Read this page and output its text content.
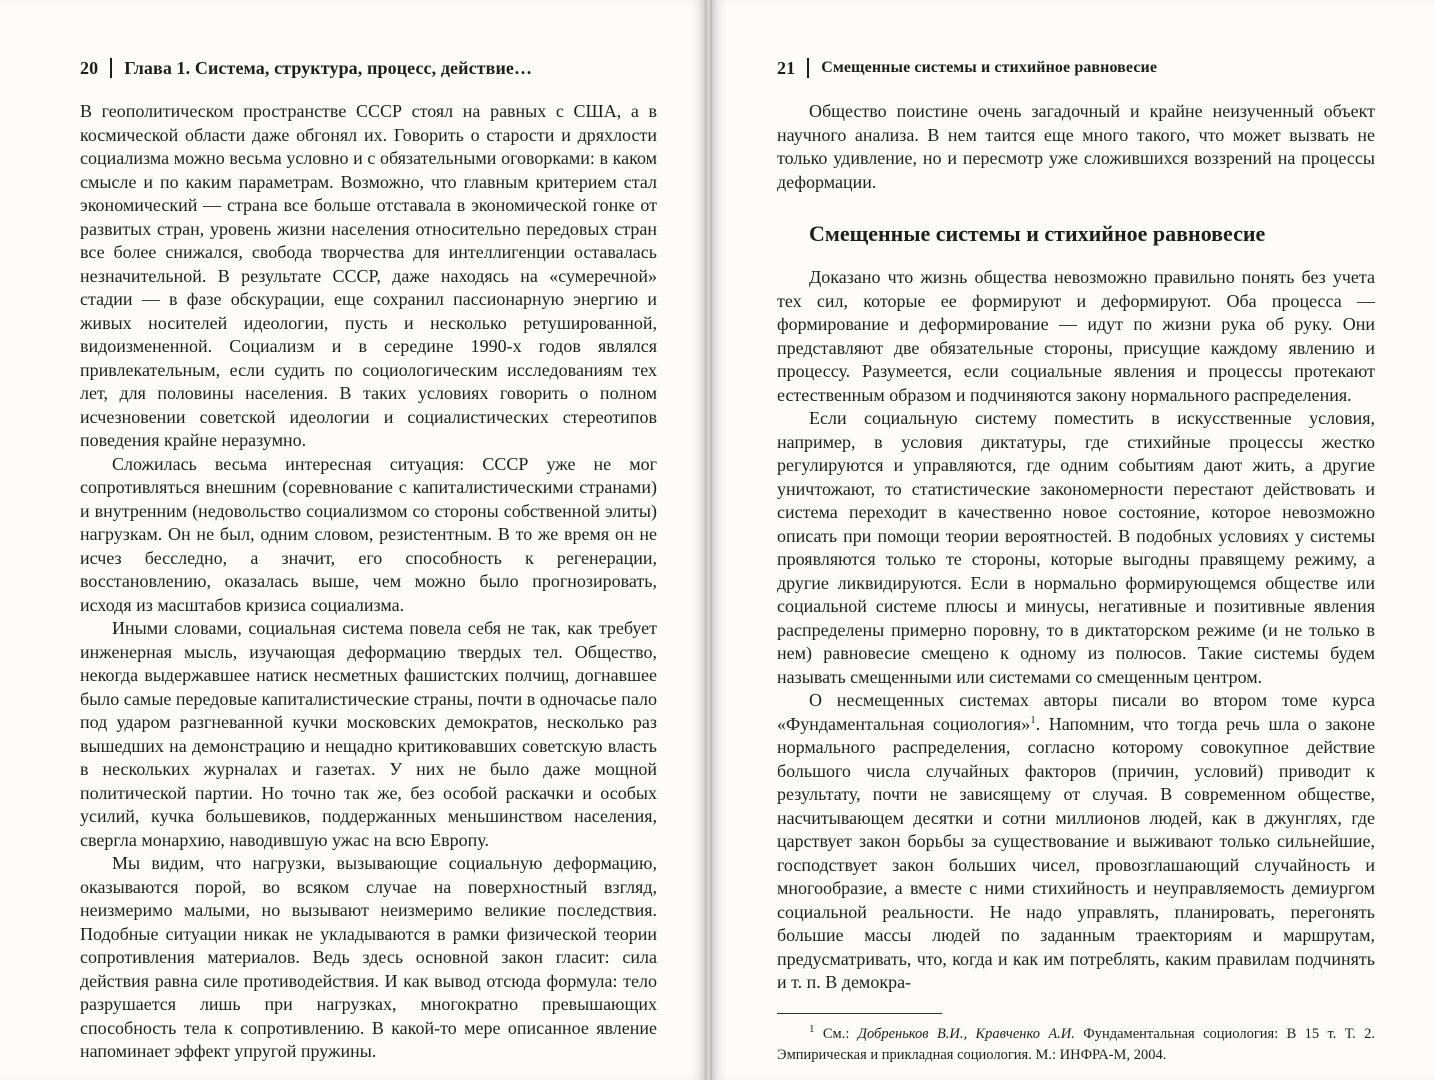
20 Глава 1. Система, структура, процесс, действие…

В геополитическом пространстве СССР стоял на равных с США, а в космической области даже обгонял их. Говорить о старости и дряхлости социализма можно весьма условно и с обязательными оговорками: в каком смысле и по каким параметрам. Возможно, что главным критерием стал экономический — страна все больше отставала в экономической гонке от развитых стран, уровень жизни населения относительно передовых стран все более снижался, свобода творчества для интеллигенции оставалась незначительной. В результате СССР, даже находясь на «сумеречной» стадии — в фазе обскурации, еще сохранил пассионарную энергию и живых носителей идеологии, пусть и несколько ретушированной, видоизмененной. Социализм и в середине 1990-х годов являлся привлекательным, если судить по социологическим исследованиям тех лет, для половины населения. В таких условиях говорить о полном исчезновении советской идеологии и социалистических стереотипов поведения крайне неразумно.

Сложилась весьма интересная ситуация: СССР уже не мог сопротивляться внешним (соревнование с капиталистическими странами) и внутренним (недовольство социализмом со стороны собственной элиты) нагрузкам. Он не был, одним словом, резистентным. В то же время он не исчез бесследно, а значит, его способность к регенерации, восстановлению, оказалась выше, чем можно было прогнозировать, исходя из масштабов кризиса социализма.

Иными словами, социальная система повела себя не так, как требует инженерная мысль, изучающая деформацию твердых тел. Общество, некогда выдержавшее натиск несметных фашистских полчищ, догнавшее было самые передовые капиталистические страны, почти в одночасье пало под ударом разгневанной кучки московских демократов, несколько раз вышедших на демонстрацию и нещадно критиковавших советскую власть в нескольких журналах и газетах. У них не было даже мощной политической партии. Но точно так же, без особой раскачки и особых усилий, кучка большевиков, поддержанных меньшинством населения, свергла монархию, наводившую ужас на всю Европу.

Мы видим, что нагрузки, вызывающие социальную деформацию, оказываются порой, во всяком случае на поверхностный взгляд, неизмеримо малыми, но вызывают неизмеримо великие последствия. Подобные ситуации никак не укладываются в рамки физической теории сопротивления материалов. Ведь здесь основной закон гласит: сила действия равна силе противодействия. И как вывод отсюда формула: тело разрушается лишь при нагрузках, многократно превышающих способность тела к сопротивлению. В какой-то мере описанное явление напоминает эффект упругой пружины.

21 Смещенные системы и стихийное равновесие

Общество поистине очень загадочный и крайне неизученный объект научного анализа. В нем таится еще много такого, что может вызвать не только удивление, но и пересмотр уже сложившихся воззрений на процессы деформации.

Смещенные системы и стихийное равновесие

Доказано что жизнь общества невозможно правильно понять без учета тех сил, которые ее формируют и деформируют. Оба процесса — формирование и деформирование — идут по жизни рука об руку. Они представляют две обязательные стороны, присущие каждому явлению и процессу. Разумеется, если социальные явления и процессы протекают естественным образом и подчиняются закону нормального распределения.

Если социальную систему поместить в искусственные условия, например, в условия диктатуры, где стихийные процессы жестко регулируются и управляются, где одним событиям дают жить, а другие уничтожают, то статистические закономерности перестают действовать и система переходит в качественно новое состояние, которое невозможно описать при помощи теории вероятностей. В подобных условиях у системы проявляются только те стороны, которые выгодны правящему режиму, а другие ликвидируются. Если в нормально формирующемся обществе или социальной системе плюсы и минусы, негативные и позитивные явления распределены примерно поровну, то в диктаторском режиме (и не только в нем) равновесие смещено к одному из полюсов. Такие системы будем называть смещенными или системами со смещенным центром.

О несмещенных системах авторы писали во втором томе курса «Фундаментальная социология»$^1$. Напомним, что тогда речь шла о законе нормального распределения, согласно которому совокупное действие большого числа случайных факторов (причин, условий) приводит к результату, почти не зависящему от случая. В современном обществе, насчитывающем десятки и сотни миллионов людей, как в джунглях, где царствует закон борьбы за существование и выживают только сильнейшие, господствует закон больших чисел, провозглашающий случайность и многообразие, а вместе с ними стихийность и неуправляемость демиургом социальной реальности. Не надо управлять, планировать, перегонять большие массы людей по заданным траекториям и маршрутам, предусматривать, что, когда и как им потреблять, каким правилам подчинять и т. п. В демокра-

$^1$ См.: Добреньков В.И., Кравченко А.И. Фундаментальная социология: В 15 т. Т. 2. Эмпирическая и прикладная социология. М.: ИНФРА-М, 2004.
